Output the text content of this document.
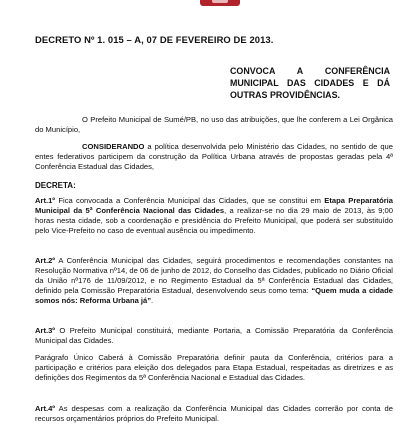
DECRETO Nº 1. 015 – A, 07 DE FEVEREIRO DE 2013.
CONVOCA A CONFERÊNCIA MUNICIPAL DAS CIDADES E DÁ OUTRAS PROVIDÊNCIAS.
O Prefeito Municipal de Sumé/PB, no uso das atribuições, que lhe conferem a Lei Orgânica do Município,
CONSIDERANDO a política desenvolvida pelo Ministério das Cidades, no sentido de que entes federativos participem da construção da Política Urbana através de propostas geradas pela 4ª Conferência Estadual das Cidades,
DECRETA:
Art.1º Fica convocada a Conferência Municipal das Cidades, que se constitui em Etapa Preparatória Municipal da 5ª Conferência Nacional das Cidades, a realizar-se no dia 29 maio de 2013, às 9;00 horas nesta cidade, sob a coordenação e presidência do Prefeito Municipal, que poderá ser substituído pelo Vice-Prefeito no caso de eventual ausência ou impedimento.
Art.2º A Conferência Municipal das Cidades, seguirá procedimentos e recomendações constantes na Resolução Normativa nº14, de 06 de junho de 2012, do Conselho das Cidades, publicado no Diário Oficial da União nº176 de 11/09/2012, e no Regimento Estadual da 5ª Conferência Estadual das Cidades, definido pela Comissão Preparatória Estadual, desenvolvendo seus como tema: “Quem muda a cidade somos nós: Reforma Urbana já”.
Art.3º O Prefeito Municipal constituirá, mediante Portaria, a Comissão Preparatória da Conferência Municipal das Cidades.
Parágrafo Único Caberá à Comissão Preparatória definir pauta da Conferência, critérios para a participação e critérios para eleição dos delegados para Etapa Estadual, respeitadas as diretrizes e as definições dos Regimentos da 5ª Conferência Nacional e Estadual das Cidades.
Art.4º As despesas com a realização da Conferência Municipal das Cidades correrão por conta de recursos orçamentários próprios do Prefeito Municipal.
